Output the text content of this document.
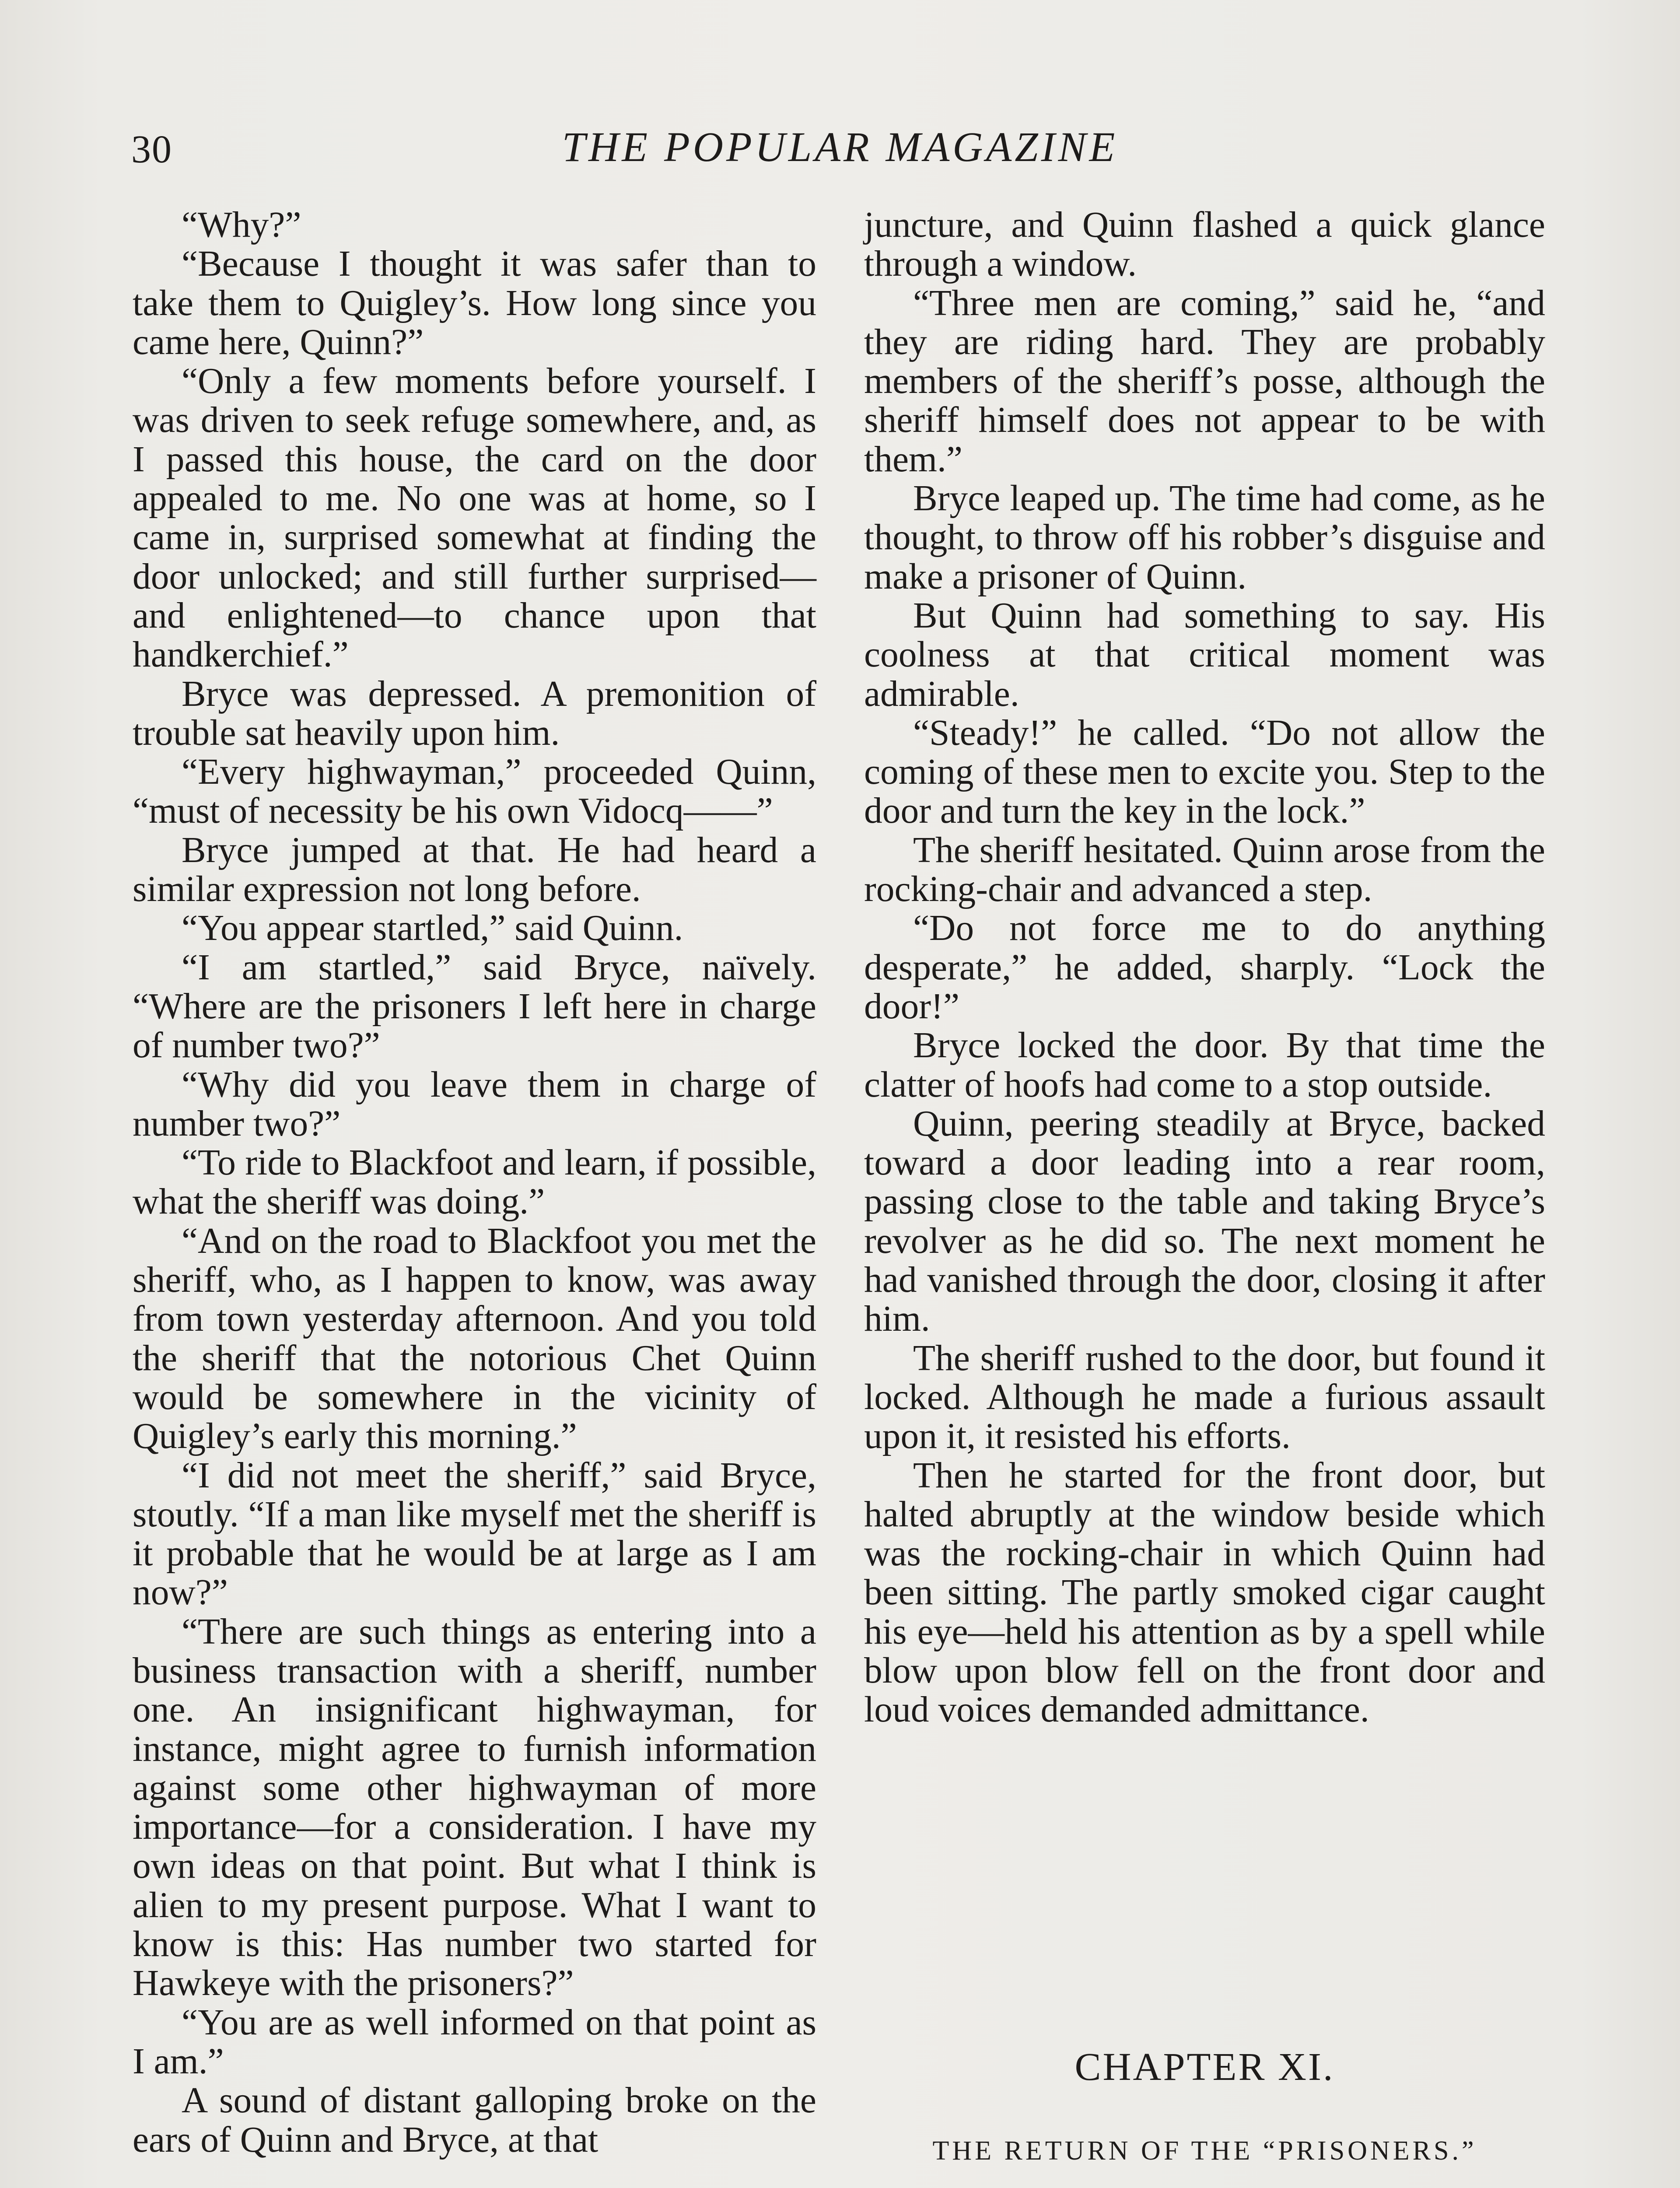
30	THE POPULAR MAGAZINE

“Why?”

“Because I thought it was safer than to take them to Quigley’s. How long since you came here, Quinn?”

“Only a few moments before yourself. I was driven to seek refuge somewhere, and, as I passed this house, the card on the door appealed to me. No one was at home, so I came in, surprised somewhat at finding the door unlocked; and still further surprised—and enlightened—to chance upon that handkerchief.”

Bryce was depressed. A premonition of trouble sat heavily upon him.

“Every highwayman,” proceeded Quinn, “must of necessity be his own Vidocq——”

Bryce jumped at that. He had heard a similar expression not long before.

“You appear startled,” said Quinn.

“I am startled,” said Bryce, naïvely. “Where are the prisoners I left here in charge of number two?”

“Why did you leave them in charge of number two?”

“To ride to Blackfoot and learn, if possible, what the sheriff was doing.”

“And on the road to Blackfoot you met the sheriff, who, as I happen to know, was away from town yesterday afternoon. And you told the sheriff that the notorious Chet Quinn would be somewhere in the vicinity of Quigley’s early this morning.”

“I did not meet the sheriff,” said Bryce, stoutly. “If a man like myself met the sheriff is it probable that he would be at large as I am now?”

“There are such things as entering into a business transaction with a sheriff, number one. An insignificant highwayman, for instance, might agree to furnish information against some other highwayman of more importance—for a consideration. I have my own ideas on that point. But what I think is alien to my present purpose. What I want to know is this: Has number two started for Hawkeye with the prisoners?”

“You are as well informed on that point as I am.”

A sound of distant galloping broke on the ears of Quinn and Bryce, at that

juncture, and Quinn flashed a quick glance through a window.

“Three men are coming,” said he, “and they are riding hard. They are probably members of the sheriff’s posse, although the sheriff himself does not appear to be with them.”

Bryce leaped up. The time had come, as he thought, to throw off his robber’s disguise and make a prisoner of Quinn.

But Quinn had something to say. His coolness at that critical moment was admirable.

“Steady!” he called. “Do not allow the coming of these men to excite you. Step to the door and turn the key in the lock.”

The sheriff hesitated. Quinn arose from the rocking-chair and advanced a step.

“Do not force me to do anything desperate,” he added, sharply. “Lock the door!”

Bryce locked the door. By that time the clatter of hoofs had come to a stop outside.

Quinn, peering steadily at Bryce, backed toward a door leading into a rear room, passing close to the table and taking Bryce’s revolver as he did so. The next moment he had vanished through the door, closing it after him.

The sheriff rushed to the door, but found it locked. Although he made a furious assault upon it, it resisted his efforts.

Then he started for the front door, but halted abruptly at the window beside which was the rocking-chair in which Quinn had been sitting. The partly smoked cigar caught his eye—held his attention as by a spell while blow upon blow fell on the front door and loud voices demanded admittance.

CHAPTER XI.
THE RETURN OF THE “PRISONERS.”
